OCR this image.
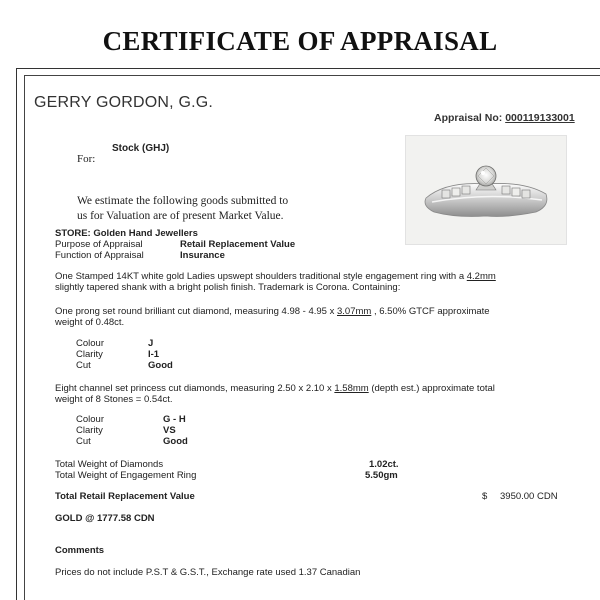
CERTIFICATE OF APPRAISAL
GERRY GORDON, G.G.
Appraisal No: 000119133001
Stock (GHJ)
For:
We estimate the following goods submitted to
us for Valuation are of present Market Value.
STORE: Golden Hand Jewellers
Purpose of Appraisal	Retail Replacement Value
Function of Appraisal	Insurance
One Stamped 14KT white gold Ladies upswept shoulders traditional style engagement ring with a 4.2mm
slightly tapered shank with a bright polish finish. Trademark is Corona. Containing:
One prong set round brilliant cut diamond, measuring 4.98 - 4.95 x 3.07mm , 6.50% GTCF approximate
weight of 0.48ct.
Colour	J
Clarity	I-1
Cut	Good
Eight channel set princess cut diamonds, measuring 2.50 x 2.10 x 1.58mm (depth est.) approximate total
weight of 8 Stones = 0.54ct.
Colour	G - H
Clarity	VS
Cut	Good
Total Weight of Diamonds	1.02ct.
Total Weight of Engagement Ring	5.50gm
Total Retail Replacement Value	$ 3950.00 CDN
GOLD @ 1777.58 CDN
Comments
Prices do not include P.S.T & G.S.T., Exchange rate used 1.37 Canadian
